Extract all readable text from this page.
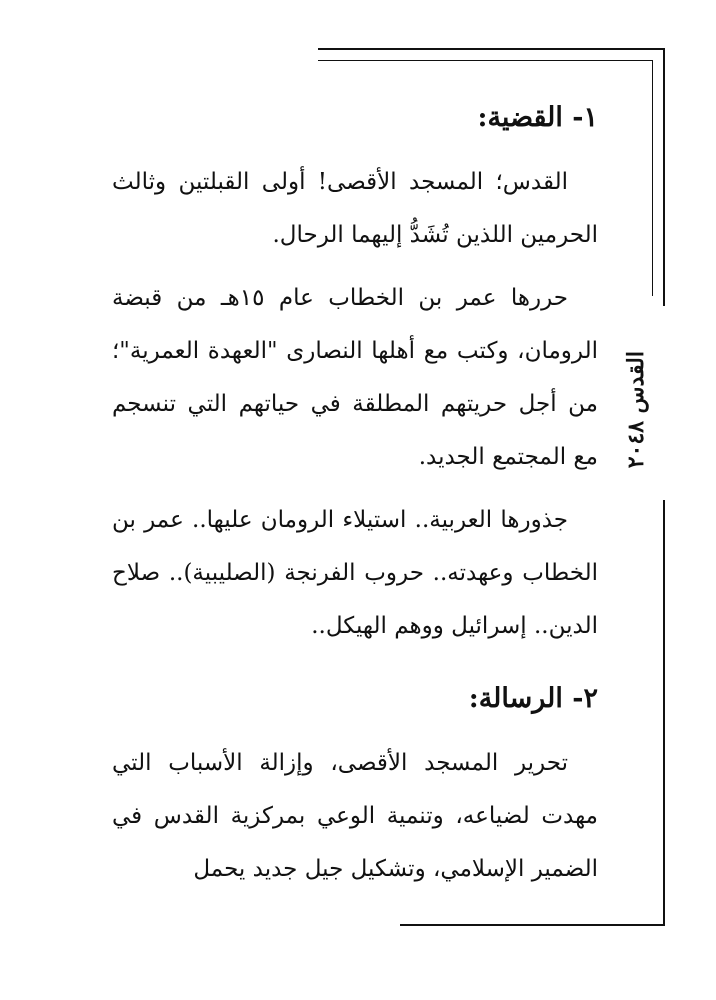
القدس ٢٠٤٨
١- القضية:

القدس؛ المسجد الأقصى! أولى القبلتين وثالث الحرمين اللذين تُشَدُّ إليهما الرحال.

حررها عمر بن الخطاب عام ١٥هـ من قبضة الرومان، وكتب مع أهلها النصارى "العهدة العمرية"؛ من أجل حريتهم المطلقة في حياتهم التي تنسجم مع المجتمع الجديد.

جذورها العربية.. استيلاء الرومان عليها.. عمر بن الخطاب وعهدته.. حروب الفرنجة (الصليبية).. صلاح الدين.. إسرائيل ووهم الهيكل..

٢- الرسالة:

تحرير المسجد الأقصى، وإزالة الأسباب التي مهدت لضياعه، وتنمية الوعي بمركزية القدس في الضمير الإسلامي، وتشكيل جيل جديد يحمل
